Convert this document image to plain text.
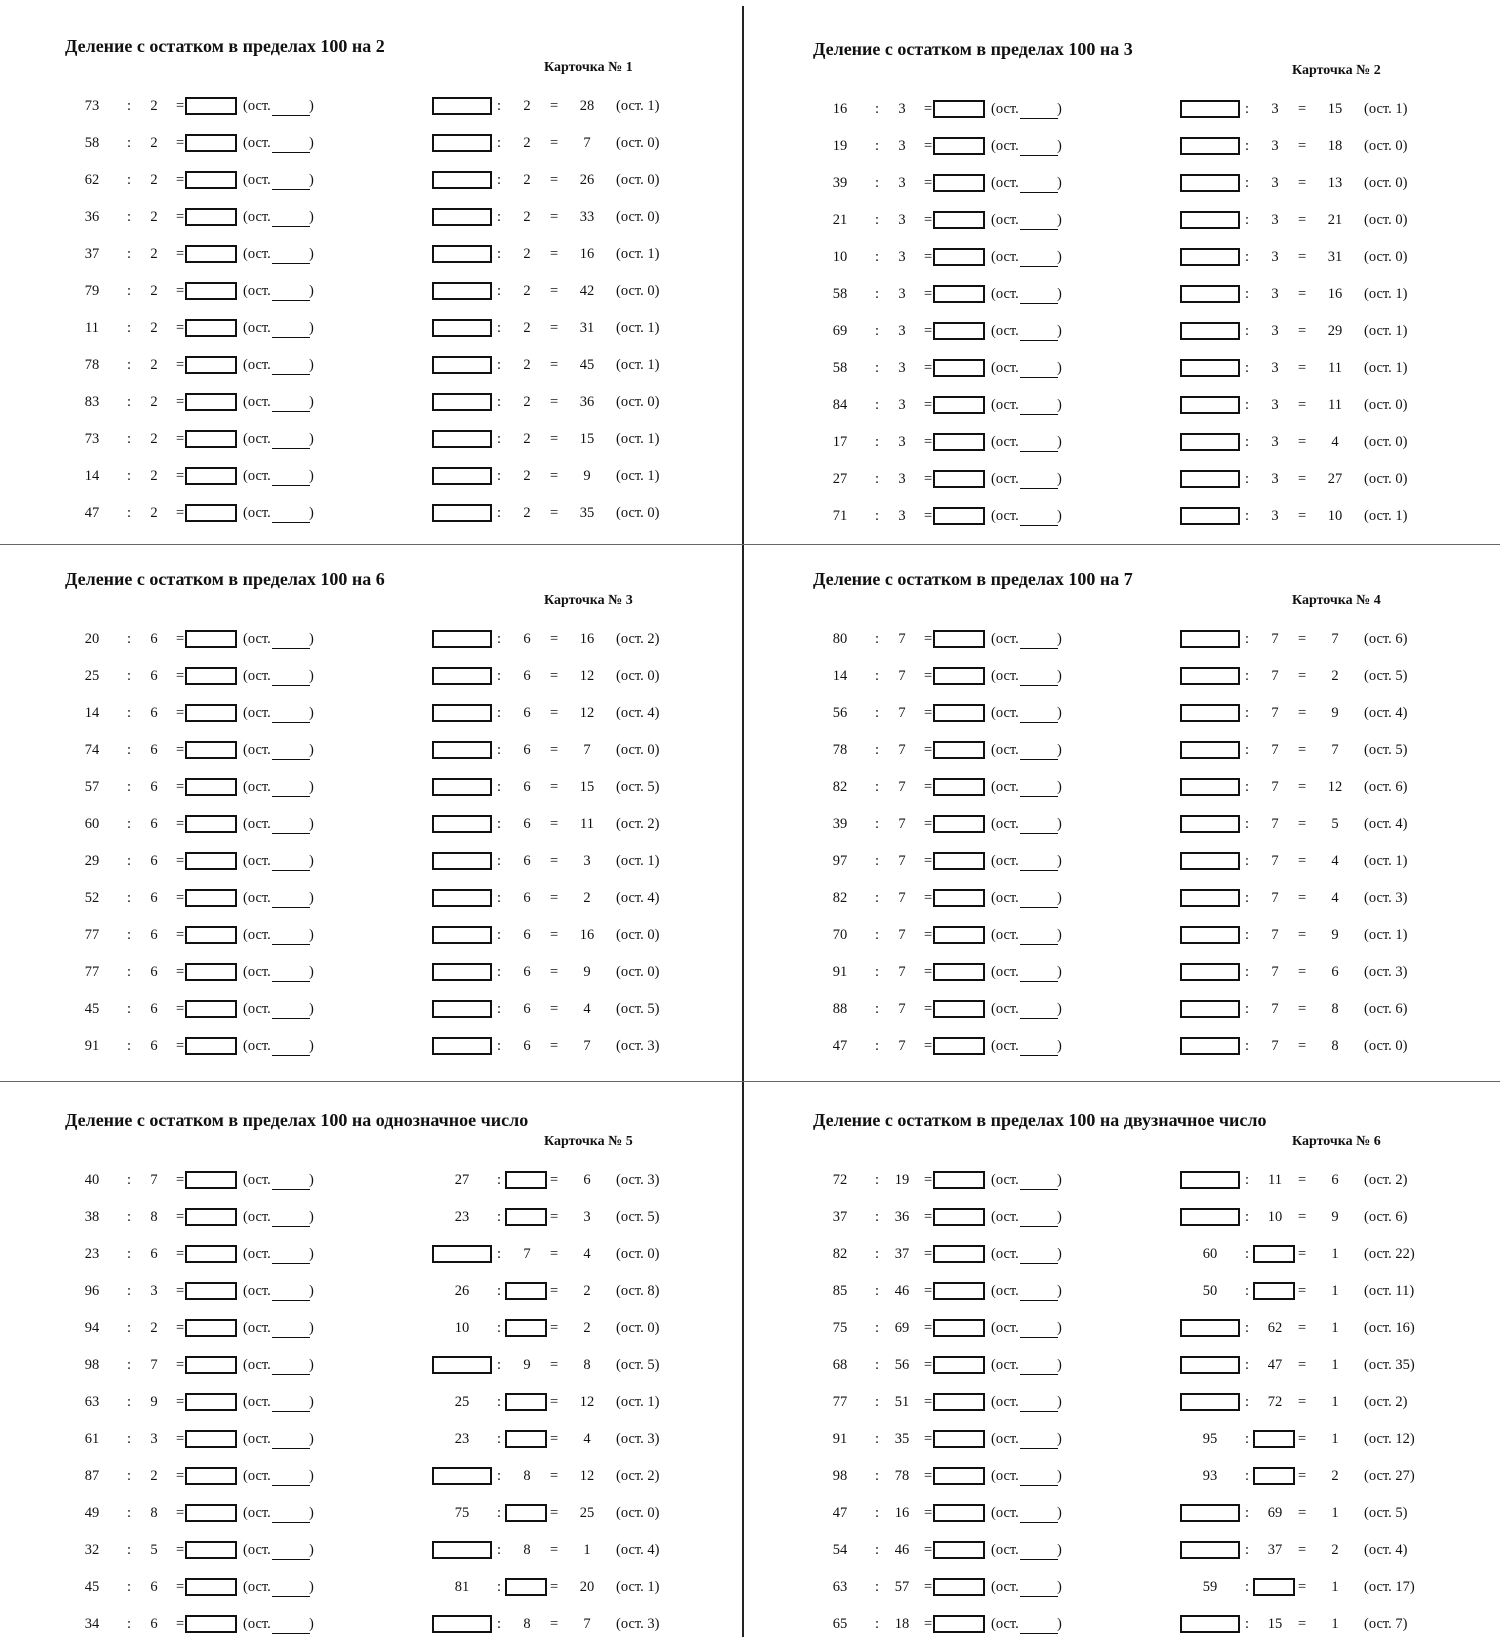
Деление с остатком в пределах 100 на 2
Карточка № 1
73	:	2	=	(ост.	)	:	2	=	28	(ост. 1)
58	:	2	=	(ост.	)	:	2	=	7	(ост. 0)
62	:	2	=	(ост.	)	:	2	=	26	(ост. 0)
36	:	2	=	(ост.	)	:	2	=	33	(ост. 0)
37	:	2	=	(ост.	)	:	2	=	16	(ост. 1)
79	:	2	=	(ост.	)	:	2	=	42	(ост. 0)
11	:	2	=	(ост.	)	:	2	=	31	(ост. 1)
78	:	2	=	(ост.	)	:	2	=	45	(ост. 1)
83	:	2	=	(ост.	)	:	2	=	36	(ост. 0)
73	:	2	=	(ост.	)	:	2	=	15	(ост. 1)
14	:	2	=	(ост.	)	:	2	=	9	(ост. 1)
47	:	2	=	(ост.	)	:	2	=	35	(ост. 0)
Деление с остатком в пределах 100 на 3
Карточка № 2
16	:	3	=	(ост.	)	:	3	=	15	(ост. 1)
19	:	3	=	(ост.	)	:	3	=	18	(ост. 0)
39	:	3	=	(ост.	)	:	3	=	13	(ост. 0)
21	:	3	=	(ост.	)	:	3	=	21	(ост. 0)
10	:	3	=	(ост.	)	:	3	=	31	(ост. 0)
58	:	3	=	(ост.	)	:	3	=	16	(ост. 1)
69	:	3	=	(ост.	)	:	3	=	29	(ост. 1)
58	:	3	=	(ост.	)	:	3	=	11	(ост. 1)
84	:	3	=	(ост.	)	:	3	=	11	(ост. 0)
17	:	3	=	(ост.	)	:	3	=	4	(ост. 0)
27	:	3	=	(ост.	)	:	3	=	27	(ост. 0)
71	:	3	=	(ост.	)	:	3	=	10	(ост. 1)
Деление с остатком в пределах 100 на 6
Карточка № 3
20	:	6	=	(ост.	)	:	6	=	16	(ост. 2)
25	:	6	=	(ост.	)	:	6	=	12	(ост. 0)
14	:	6	=	(ост.	)	:	6	=	12	(ост. 4)
74	:	6	=	(ост.	)	:	6	=	7	(ост. 0)
57	:	6	=	(ост.	)	:	6	=	15	(ост. 5)
60	:	6	=	(ост.	)	:	6	=	11	(ост. 2)
29	:	6	=	(ост.	)	:	6	=	3	(ост. 1)
52	:	6	=	(ост.	)	:	6	=	2	(ост. 4)
77	:	6	=	(ост.	)	:	6	=	16	(ост. 0)
77	:	6	=	(ост.	)	:	6	=	9	(ост. 0)
45	:	6	=	(ост.	)	:	6	=	4	(ост. 5)
91	:	6	=	(ост.	)	:	6	=	7	(ост. 3)
Деление с остатком в пределах 100 на 7
Карточка № 4
80	:	7	=	(ост.	)	:	7	=	7	(ост. 6)
14	:	7	=	(ост.	)	:	7	=	2	(ост. 5)
56	:	7	=	(ост.	)	:	7	=	9	(ост. 4)
78	:	7	=	(ост.	)	:	7	=	7	(ост. 5)
82	:	7	=	(ост.	)	:	7	=	12	(ост. 6)
39	:	7	=	(ост.	)	:	7	=	5	(ост. 4)
97	:	7	=	(ост.	)	:	7	=	4	(ост. 1)
82	:	7	=	(ост.	)	:	7	=	4	(ост. 3)
70	:	7	=	(ост.	)	:	7	=	9	(ост. 1)
91	:	7	=	(ост.	)	:	7	=	6	(ост. 3)
88	:	7	=	(ост.	)	:	7	=	8	(ост. 6)
47	:	7	=	(ост.	)	:	7	=	8	(ост. 0)
Деление с остатком в пределах 100 на однозначное число
Карточка № 5
40	:	7	=	(ост.	)	27	:	=	6	(ост. 3)
38	:	8	=	(ост.	)	23	:	=	3	(ост. 5)
23	:	6	=	(ост.	)	:	7	=	4	(ост. 0)
96	:	3	=	(ост.	)	26	:	=	2	(ост. 8)
94	:	2	=	(ост.	)	10	:	=	2	(ост. 0)
98	:	7	=	(ост.	)	:	9	=	8	(ост. 5)
63	:	9	=	(ост.	)	25	:	=	12	(ост. 1)
61	:	3	=	(ост.	)	23	:	=	4	(ост. 3)
87	:	2	=	(ост.	)	:	8	=	12	(ост. 2)
49	:	8	=	(ост.	)	75	:	=	25	(ост. 0)
32	:	5	=	(ост.	)	:	8	=	1	(ост. 4)
45	:	6	=	(ост.	)	81	:	=	20	(ост. 1)
34	:	6	=	(ост.	)	:	8	=	7	(ост. 3)
Деление с остатком в пределах 100 на двузначное число
Карточка № 6
72	:	19	=	(ост.	)	:	11	=	6	(ост. 2)
37	:	36	=	(ост.	)	:	10	=	9	(ост. 6)
82	:	37	=	(ост.	)	60	:	=	1	(ост. 22)
85	:	46	=	(ост.	)	50	:	=	1	(ост. 11)
75	:	69	=	(ост.	)	:	62	=	1	(ост. 16)
68	:	56	=	(ост.	)	:	47	=	1	(ост. 35)
77	:	51	=	(ост.	)	:	72	=	1	(ост. 2)
91	:	35	=	(ост.	)	95	:	=	1	(ост. 12)
98	:	78	=	(ост.	)	93	:	=	2	(ост. 27)
47	:	16	=	(ост.	)	:	69	=	1	(ост. 5)
54	:	46	=	(ост.	)	:	37	=	2	(ост. 4)
63	:	57	=	(ост.	)	59	:	=	1	(ост. 17)
65	:	18	=	(ост.	)	:	15	=	1	(ост. 7)
